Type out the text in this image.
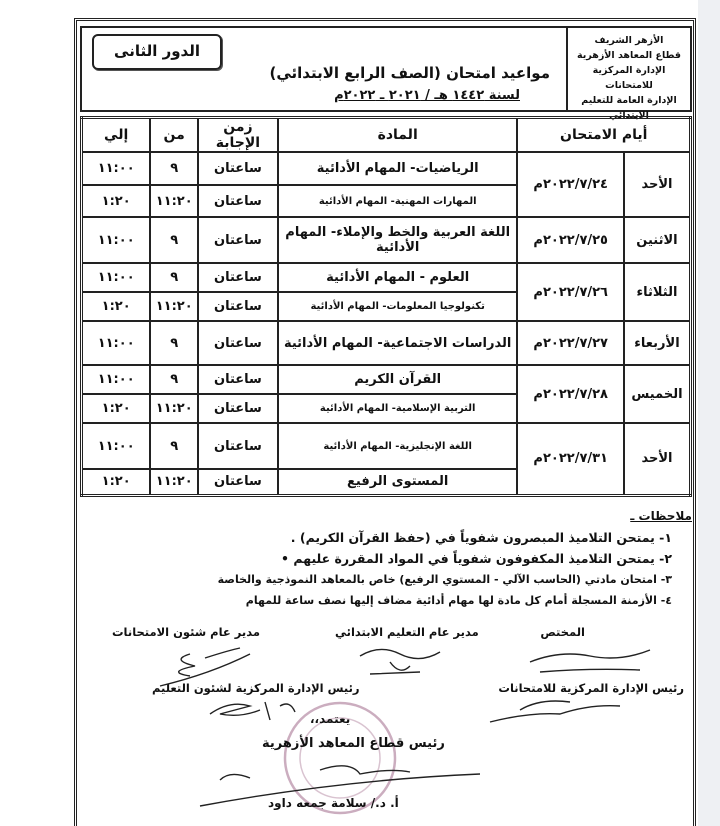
الأزهر الشريف
قطاع المعاهد الأزهرية
الإدارة المركزية للامتحانات
الإدارة العامة للتعليم الابتدائي
الدور الثانى
مواعيد امتحان (الصف الرابع الابتدائي)
لسنة ١٤٤٢ هـ / ٢٠٢١ ـ ٢٠٢٢م
أيام الامتحان		المادة	زمن الإجابة	من	إلي
الأحد	٢٠٢٢/٧/٢٤م	الرياضيات- المهام الأدائية	ساعتان	٩	١١:٠٠
		المهارات المهنية- المهام الأدائية	ساعتان	١١:٢٠	١:٢٠
الاثنين	٢٠٢٢/٧/٢٥م	اللغة العربية والخط والإملاء- المهام الأدائية	ساعتان	٩	١١:٠٠
الثلاثاء	٢٠٢٢/٧/٢٦م	العلوم - المهام الأدائية	ساعتان	٩	١١:٠٠
		تكنولوجيا المعلومات- المهام الأدائية	ساعتان	١١:٢٠	١:٢٠
الأربعاء	٢٠٢٢/٧/٢٧م	الدراسات الاجتماعية- المهام الأدائية	ساعتان	٩	١١:٠٠
الخميس	٢٠٢٢/٧/٢٨م	القرآن الكريم	ساعتان	٩	١١:٠٠
		التربية الإسلامية- المهام الأدائية	ساعتان	١١:٢٠	١:٢٠
الأحد	٢٠٢٢/٧/٣١م	اللغة الإنجليزية- المهام الأدائية	ساعتان	٩	١١:٠٠
		المستوى الرفيع	ساعتان	١١:٢٠	١:٢٠
ملاحظات ـ
١- يمتحن التلاميذ المبصرون شفوياً في (حفظ القرآن الكريم) .
٢- يمتحن التلاميذ المكفوفون شفوياً في المواد المقررة عليهم •
٣- امتحان مادتي (الحاسب الآلي - المستوي الرفيع) خاص بالمعاهد النموذجية والخاصة
٤- الأزمنة المسجلة أمام كل مادة لها مهام أدائية مضاف إليها نصف ساعة للمهام
المختص
مدير عام التعليم الابتدائي
مدير عام شئون الامتحانات
رئيس الإدارة المركزية للامتحانات
رئيس الإدارة المركزية لشئون التعليم
يعتمد،،
رئيس قطاع المعاهد الأزهرية
أ. د./ سلامة جمعه داود
